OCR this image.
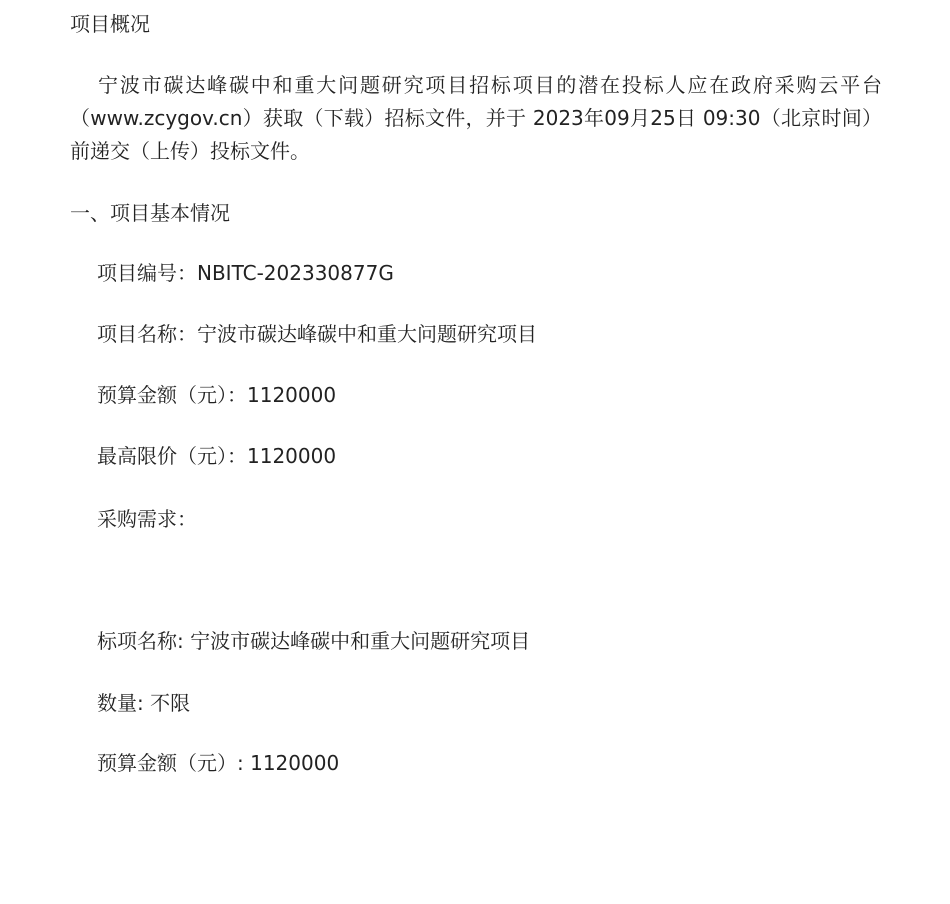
项目概况

宁波市碳达峰碳中和重大问题研究项目招标项目的潜在投标人应在政府采购云平台（www.zcygov.cn）获取（下载）招标文件，并于 2023年09月25日 09:30（北京时间）前递交（上传）投标文件。

一、项目基本情况

项目编号：NBITC-202330877G

项目名称：宁波市碳达峰碳中和重大问题研究项目

预算金额（元）：1120000

最高限价（元）：1120000

采购需求：

标项名称: 宁波市碳达峰碳中和重大问题研究项目

数量: 不限

预算金额（元）: 1120000
